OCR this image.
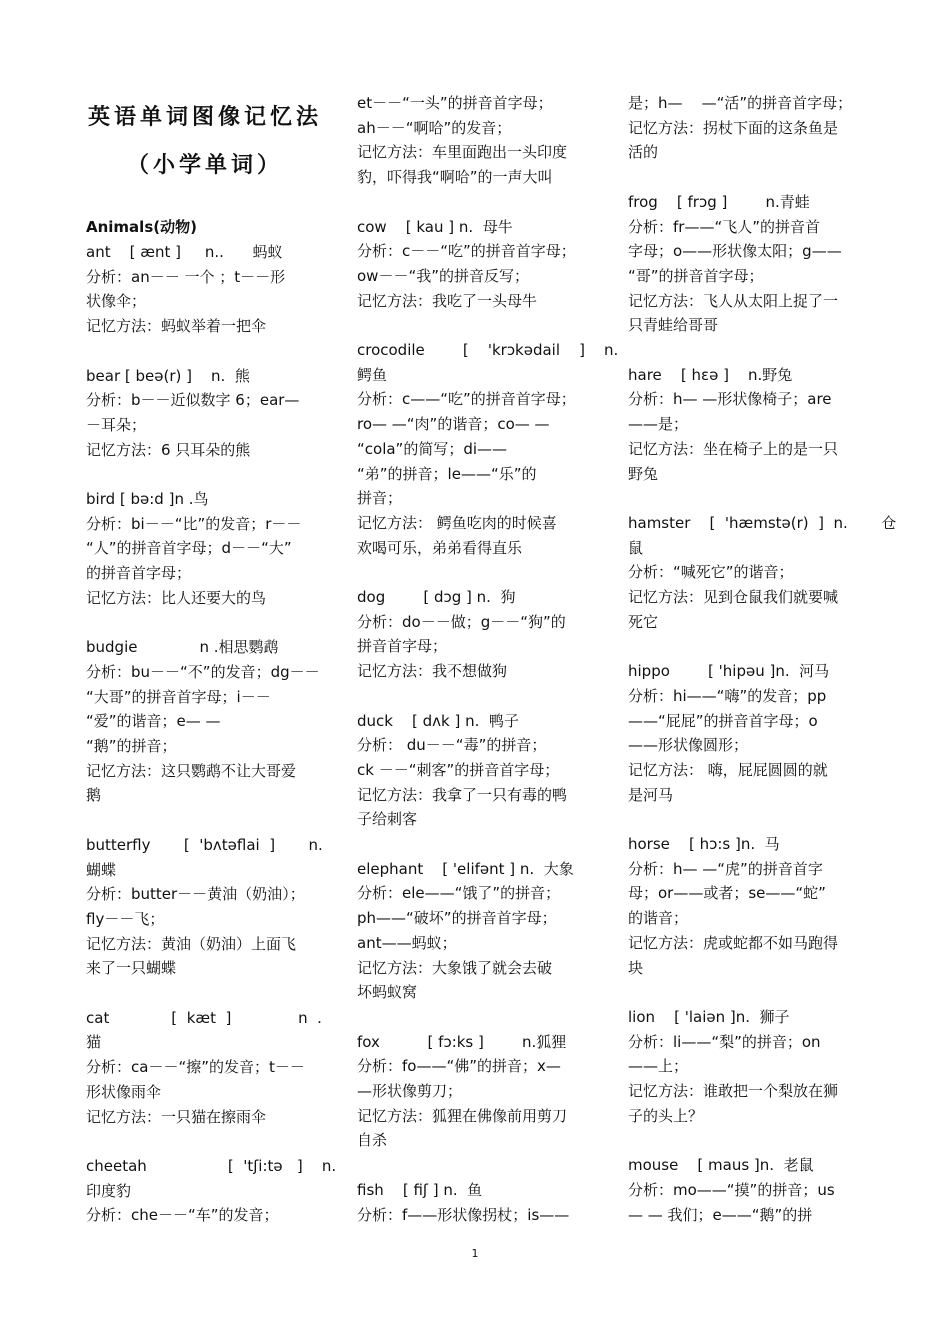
英语单词图像记忆法
（小学单词）

Animals(动物)

ant    [ ænt ]     n..      蚂蚁

分析：an－－ 一个 ；t－－形

状像伞；

记忆方法：蚂蚁举着一把伞

bear [ beə(r) ]    n.  熊

分析：b－－近似数字 6；ear—

－耳朵；

记忆方法：6 只耳朵的熊

bird [ bə:d ]n .鸟

分析：bi－－“比”的发音；r－－

“人”的拼音首字母；d－－“大”

的拼音首字母；

记忆方法：比人还要大的鸟

budgie             n .相思鹦鹉

分析：bu－－“不”的发音；dg－－

“大哥”的拼音首字母；i－－

“爱”的谐音；e— —

“鹅”的拼音；

记忆方法：这只鹦鹉不让大哥爱

鹅

butterfly       [  'bʌtəflai  ]       n.

蝴蝶

分析：butter－－黄油（奶油）；

fly－－飞；

记忆方法：黄油（奶油）上面飞

来了一只蝴蝶

cat             [  kæt  ]              n  .

猫

分析：ca－－“擦”的发音；t－－

形状像雨伞

记忆方法：一只猫在擦雨伞

cheetah                 [  'tʃi:tə   ]    n.

印度豹

分析：che－－“车”的发音；

et－－“一头”的拼音首字母；

ah－－“啊哈”的发音；

记忆方法：车里面跑出一头印度

豹，吓得我“啊哈”的一声大叫

cow    [ kau ] n.  母牛

分析：c－－“吃”的拼音首字母；

ow－－“我”的拼音反写；

记忆方法：我吃了一头母牛

crocodile        [    'krɔkədail    ]    n.

鳄鱼

分析：c——“吃”的拼音首字母；

ro— —“肉”的谐音；co— —

“cola”的简写；di——

“弟”的拼音；le——“乐”的

拼音；

记忆方法： 鳄鱼吃肉的时候喜

欢喝可乐，弟弟看得直乐

dog        [ dɔg ] n.  狗

分析：do－－做；g－－“狗”的

拼音首字母；

记忆方法：我不想做狗

duck    [ dʌk ] n.  鸭子

分析： du－－“毒”的拼音；

ck －－“刺客”的拼音首字母；

记忆方法：我拿了一只有毒的鸭

子给刺客

elephant    [ 'elifənt ] n.  大象

分析：ele——“饿了”的拼音；

ph——“破坏”的拼音首字母；

ant——蚂蚁；

记忆方法：大象饿了就会去破

坏蚂蚁窝

fox          [ fɔ:ks ]        n.狐狸

分析：fo——“佛”的拼音；x—

—形状像剪刀；

记忆方法：狐狸在佛像前用剪刀

自杀

fish    [ fiʃ ] n.  鱼

分析：f——形状像拐杖；is——

是；h—    —“活”的拼音首字母；

记忆方法：拐杖下面的这条鱼是

活的

frog    [ frɔg ]        n.青蛙

分析：fr——“飞人”的拼音首

字母；o——形状像太阳；g——

“哥”的拼音首字母；

记忆方法：飞人从太阳上捉了一

只青蛙给哥哥

hare    [ hεə ]    n.野兔

分析：h— —形状像椅子；are

——是；

记忆方法：坐在椅子上的是一只

野兔

hamster    [  'hæmstə(r)  ]  n.       仓

鼠

分析：“喊死它”的谐音；

记忆方法：见到仓鼠我们就要喊

死它

hippo        [ 'hipəu ]n.  河马

分析：hi——“嗨”的发音；pp

——“屁屁”的拼音首字母；o

——形状像圆形；

记忆方法： 嗨，屁屁圆圆的就

是河马

horse    [ hɔ:s ]n.  马

分析：h— —“虎”的拼音首字

母；or——或者；se——“蛇”

的谐音；

记忆方法：虎或蛇都不如马跑得

块

lion    [ 'laiən ]n.  狮子

分析：li——“梨”的拼音；on

——上；

记忆方法：谁敢把一个梨放在狮

子的头上？

mouse    [ maus ]n.  老鼠

分析：mo——“摸”的拼音；us

— — 我们；e——“鹅”的拼

1
